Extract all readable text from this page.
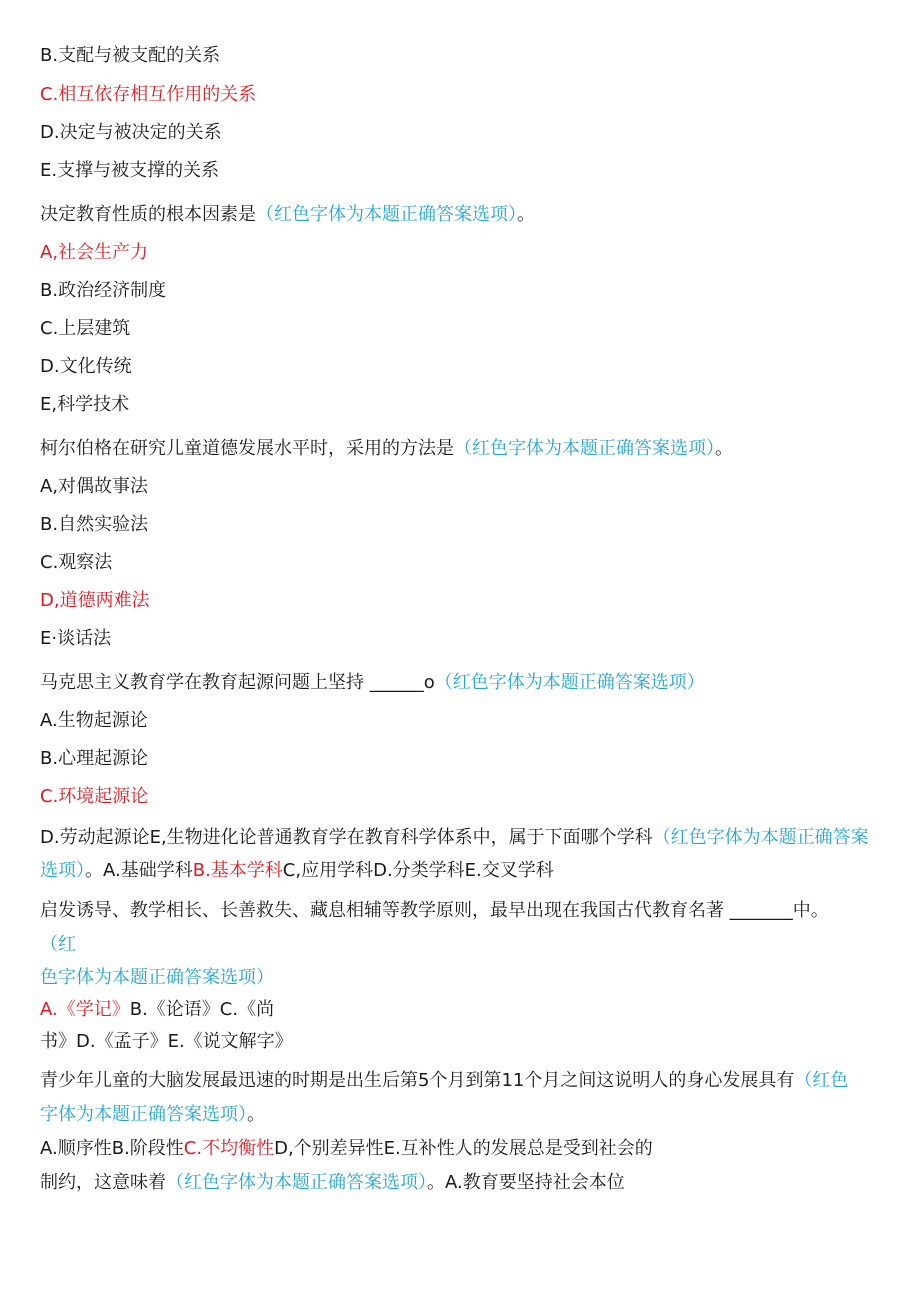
B.支配与被支配的关系
C.相互依存相互作用的关系
D.决定与被决定的关系
E.支撑与被支撑的关系
决定教育性质的根本因素是（红色字体为本题正确答案选项）。
A,社会生产力
B.政治经济制度
C.上层建筑
D.文化传统
E,科学技术
柯尔伯格在研究儿童道德发展水平时，采用的方法是（红色字体为本题正确答案选项）。
A,对偶故事法
B.自然实验法
C.观察法
D,道德两难法
E·谈话法
马克思主义教育学在教育起源问题上坚持 ______o（红色字体为本题正确答案选项）
A.生物起源论
B.心理起源论
C.环境起源论
D.劳动起源论E,生物进化论普通教育学在教育科学体系中，属于下面哪个学科（红色字体为本题正确答案
选项）。A.基础学科B.基本学科C,应用学科D.分类学科E.交叉学科
启发诱导、教学相长、长善救失、藏息相辅等教学原则，最早出现在我国古代教育名著 _______中。
（红
色字体为本题正确答案选项）
A.《学记》B.《论语》C.《尚
书》D.《孟子》E.《说文解字》
青少年儿童的大脑发展最迅速的时期是出生后第5个月到第11个月之间这说明人的身心发展具有（红色
字体为本题正确答案选项）。
A.顺序性B.阶段性C.不均衡性D,个别差异性E.互补性人的发展总是受到社会的
制约，这意味着（红色字体为本题正确答案选项）。A.教育要坚持社会本位
